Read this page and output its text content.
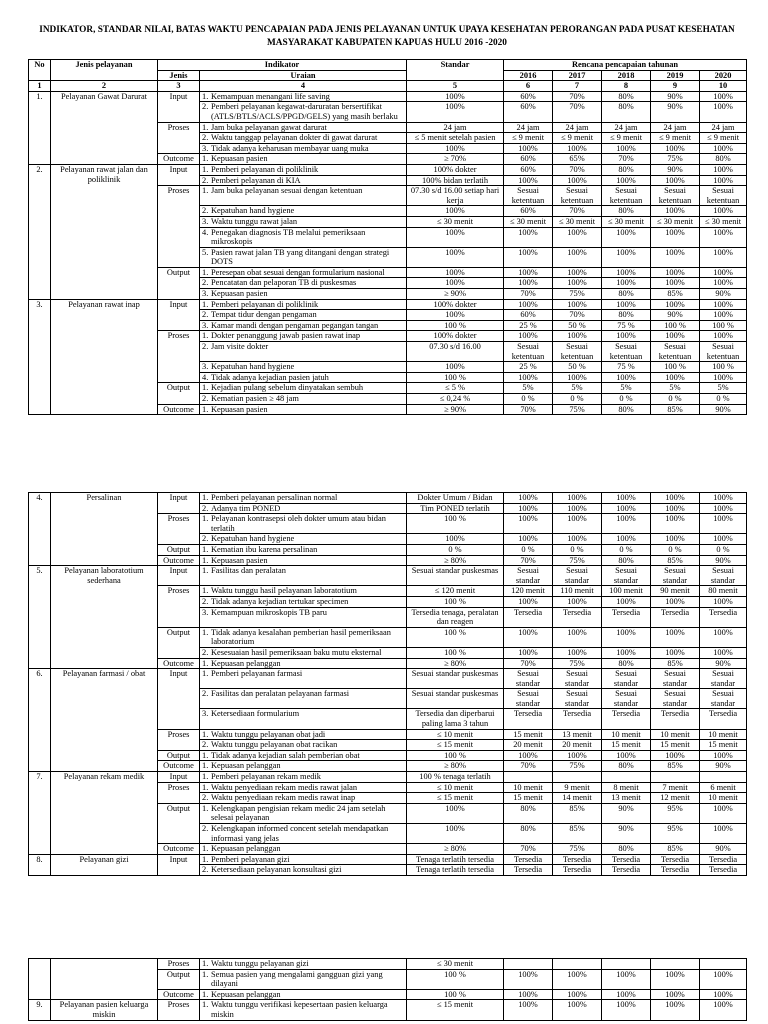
INDIKATOR, STANDAR NILAI, BATAS WAKTU PENCAPAIAN PADA JENIS PELAYANAN UNTUK UPAYA KESEHATAN PERORANGAN PADA PUSAT KESEHATAN MASYARAKAT KABUPATEN KAPUAS HULU 2016 -2020
No	Jenis pelayanan	Indikator		Standar	Rencana pencapaian tahunan				
		Jenis	Uraian		2016	2017	2018	2019	2020
1	2	3	4	5	6	7	8	9	10
1.	Pelayanan Gawat Darurat	Input	1. Kemampuan menangani life saving	100%	60%	70%	80%	90%	100%

			2. Pemberi pelayanan kegawat-daruratan bersertifikat (ATLS/BTLS/ACLS/PPGD/GELS) yang masih berlaku	100%	60%	70%	80%	90%	100%
		Proses	1. Jam buka pelayanan gawat darurat	24 jam	24 jam	24 jam	24 jam	24 jam	24 jam

			2. Waktu tanggap pelayanan dokter di gawat darurat	≤ 5 menit setelah pasien	≤ 9 menit	≤ 9 menit	≤ 9 menit	≤ 9 menit	≤ 9 menit

			3. Tidak adanya keharusan membayar uang muka	100%	100%	100%	100%	100%	100%
		Outcome	1. Kepuasan pasien	≥ 70%	60%	65%	70%	75%	80%
2.	Pelayanan rawat jalan dan poliklinik	Input	1. Pemberi pelayanan di poliklinik	100% dokter	60%	70%	80%	90%	100%

			2. Pemberi pelayanan di KIA	100% bidan terlatih	100%	100%	100%	100%	100%
		Proses	1. Jam buka pelayanan sesuai dengan ketentuan	07.30 s/d 16.00 setiap hari kerja	Sesuai ketentuan	Sesuai ketentuan	Sesuai ketentuan	Sesuai ketentuan	Sesuai ketentuan

			2. Kepatuhan hand hygiene	100%	60%	70%	80%	100%	100%

			3. Waktu tunggu rawat jalan	≤ 30 menit	≤ 30 menit	≤ 30 menit	≤ 30 menit	≤ 30 menit	≤ 30 menit

			4. Penegakan diagnosis TB melalui pemeriksaan mikroskopis	100%	100%	100%	100%	100%	100%

			5. Pasien rawat jalan TB yang ditangani dengan strategi DOTS	100%	100%	100%	100%	100%	100%
		Output	1. Peresepan obat sesuai dengan formularium nasional	100%	100%	100%	100%	100%	100%

			2. Pencatatan dan pelaporan TB di puskesmas	100%	100%	100%	100%	100%	100%

			3. Kepuasan pasien	≥ 90%	70%	75%	80%	85%	90%
3.	Pelayanan rawat inap	Input	1. Pemberi pelayanan di poliklinik	100% dokter	100%	100%	100%	100%	100%

			2. Tempat tidur dengan pengaman	100%	60%	70%	80%	90%	100%

			3. Kamar mandi dengan pengaman pegangan tangan	100 %	25 %	50 %	75 %	100 %	100 %
		Proses	1. Dokter penanggung jawab pasien rawat inap	100% dokter	100%	100%	100%	100%	100%

			2. Jam visite dokter	07.30 s/d 16.00	Sesuai ketentuan	Sesuai ketentuan	Sesuai ketentuan	Sesuai ketentuan	Sesuai ketentuan

			3. Kepatuhan hand hygiene	100%	25 %	50 %	75 %	100 %	100 %

			4. Tidak adanya kejadian pasien jatuh	100 %	100%	100%	100%	100%	100%
		Output	1. Kejadian pulang sebelum dinyatakan sembuh	≤ 5 %	5%	5%	5%	5%	5%

			2. Kematian pasien ≥ 48 jam	≤ 0,24 %	0 %	0 %	0 %	0 %	0 %
		Outcome	1. Kepuasan pasien	≥ 90%	70%	75%	80%	85%	90%
4.	Persalinan	Input	1. Pemberi pelayanan persalinan normal	Dokter Umum / Bidan	100%	100%	100%	100%	100%

			2. Adanya tim PONED	Tim PONED terlatih	100%	100%	100%	100%	100%
		Proses	1. Pelayanan kontrasepsi oleh dokter umum atau bidan terlatih	100 %	100%	100%	100%	100%	100%

			2. Kepatuhan hand hygiene	100%	100%	100%	100%	100%	100%
		Output	1. Kematian ibu karena persalinan	0 %	0 %	0 %	0 %	0 %	0 %
		Outcome	1. Kepuasan pasien	≥ 80%	70%	75%	80%	85%	90%
5.	Pelayanan laboratotium sederhana	Input	1. Fasilitas dan peralatan	Sesuai standar puskesmas	Sesuai standar	Sesuai standar	Sesuai standar	Sesuai standar	Sesuai standar
		Proses	1. Waktu tunggu hasil pelayanan laboratotium	≤ 120 menit	120 menit	110 menit	100 menit	90 menit	80 menit

			2. Tidak adanya kejadian tertukar specimen	100 %	100%	100%	100%	100%	100%

			3. Kemampuan mikroskopis TB paru	Tersedia tenaga, peralatan dan reagen	Tersedia	Tersedia	Tersedia	Tersedia	Tersedia
		Output	1. Tidak adanya kesalahan pemberian hasil pemeriksaan laboratorium	100 %	100%	100%	100%	100%	100%

			2. Kesesuaian hasil pemeriksaan baku mutu eksternal	100 %	100%	100%	100%	100%	100%
		Outcome	1. Kepuasan pelanggan	≥ 80%	70%	75%	80%	85%	90%
6.	Pelayanan farmasi / obat	Input	1. Pemberi pelayanan farmasi	Sesuai standar puskesmas	Sesuai standar	Sesuai standar	Sesuai standar	Sesuai standar	Sesuai standar

			2. Fasilitas dan peralatan pelayanan farmasi	Sesuai standar puskesmas	Sesuai standar	Sesuai standar	Sesuai standar	Sesuai standar	Sesuai standar

			3. Ketersediaan formularium	Tersedia dan diperbarui paling lama 3 tahun	Tersedia	Tersedia	Tersedia	Tersedia	Tersedia
		Proses	1. Waktu tunggu pelayanan obat jadi	≤ 10 menit	15 menit	13 menit	10 menit	10 menit	10 menit

			2. Waktu tunggu pelayanan obat racikan	≤ 15 menit	20 menit	20 menit	15 menit	15 menit	15 menit
		Output	1. Tidak adanya kejadian salah pemberian obat	100 %	100%	100%	100%	100%	100%
		Outcome	1. Kepuasan pelanggan	≥ 80%	70%	75%	80%	85%	90%
7.	Pelayanan rekam medik	Input	1. Pemberi pelayanan rekam medik	100 % tenaga terlatih					
		Proses	1. Waktu penyediaan rekam medis rawat jalan	≤ 10 menit	10 menit	9 menit	8 menit	7 menit	6 menit

			2. Waktu penyediaan rekam medis rawat inap	≤ 15 menit	15 menit	14 menit	13 menit	12 menit	10 menit
		Output	1. Kelengkapan pengisian rekam medic 24 jam setelah selesai pelayanan	100%	80%	85%	90%	95%	100%

			2. Kelengkapan informed concent setelah mendapatkan informasi yang jelas	100%	80%	85%	90%	95%	100%
		Outcome	1. Kepuasan pelanggan	≥ 80%	70%	75%	80%	85%	90%
8.	Pelayanan gizi	Input	1. Pemberi pelayanan gizi	Tenaga terlatih tersedia	Tersedia	Tersedia	Tersedia	Tersedia	Tersedia

			2. Ketersediaan pelayanan konsultasi gizi	Tenaga terlatih tersedia	Tersedia	Tersedia	Tersedia	Tersedia	Tersedia
		Proses	1. Waktu tunggu pelayanan gizi	≤ 30 menit					
		Output	1. Semua pasien yang mengalami gangguan gizi yang dilayani	100 %	100%	100%	100%	100%	100%
		Outcome	1. Kepuasan pelanggan	100 %	100%	100%	100%	100%	100%
9.	Pelayanan pasien keluarga miskin	Proses	1. Waktu tunggu verifikasi kepesertaan pasien keluarga miskin	≤ 15 menit	100%	100%	100%	100%	100%
